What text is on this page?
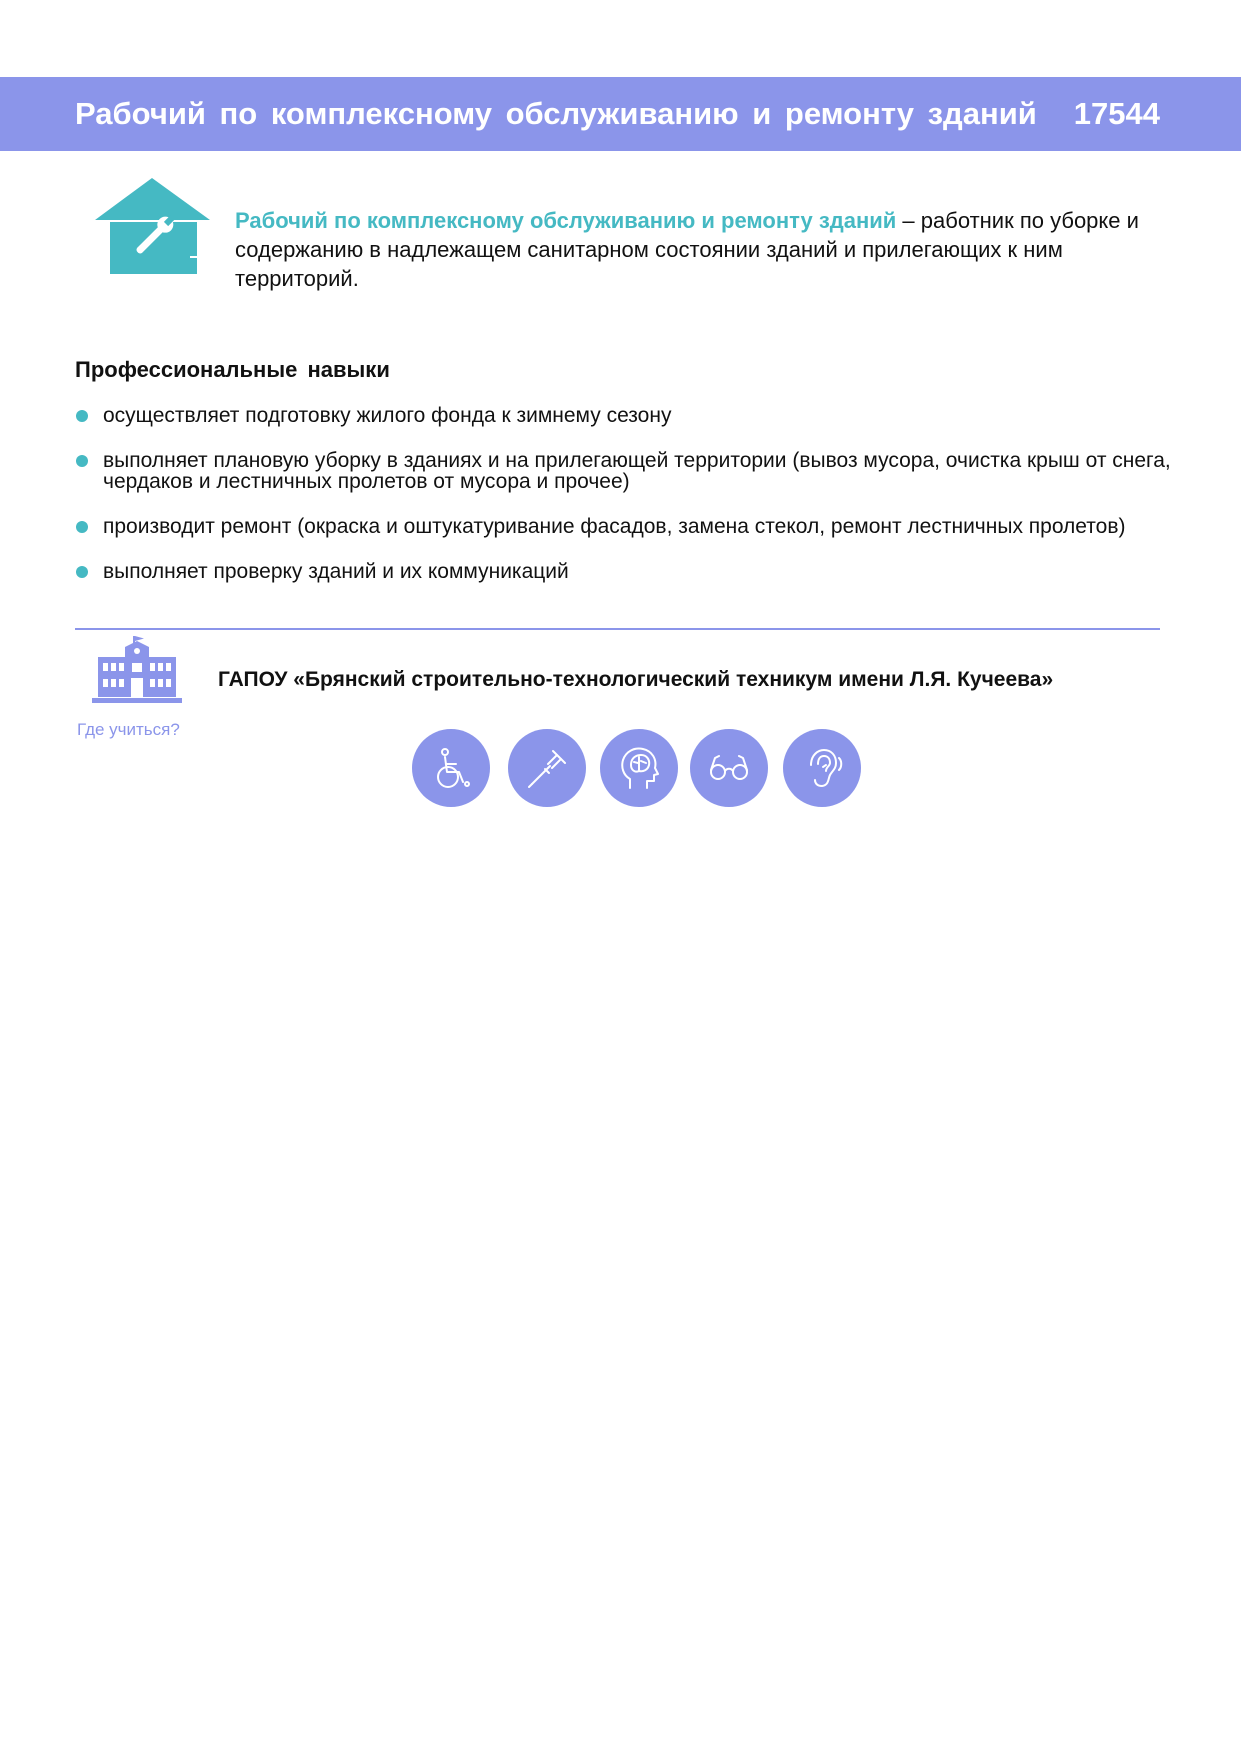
Рабочий по комплексному обслуживанию и ремонту зданий 17544
Рабочий по комплексному обслуживанию и ремонту зданий – работник по уборке и содержанию в надлежащем санитарном состоянии зданий и прилегающих к ним территорий.
Профессиональные навыки
осуществляет подготовку жилого фонда к зимнему сезону
выполняет плановую уборку в зданиях и на прилегающей территории (вывоз мусора, очистка крыш от снега, чердаков и лестничных пролетов от мусора и прочее)
производит ремонт (окраска и оштукатуривание фасадов, замена стекол, ремонт лестничных пролетов)
выполняет проверку зданий и их коммуникаций
Где учиться?
ГАПОУ «Брянский строительно-технологический техникум имени Л.Я. Кучеева»
